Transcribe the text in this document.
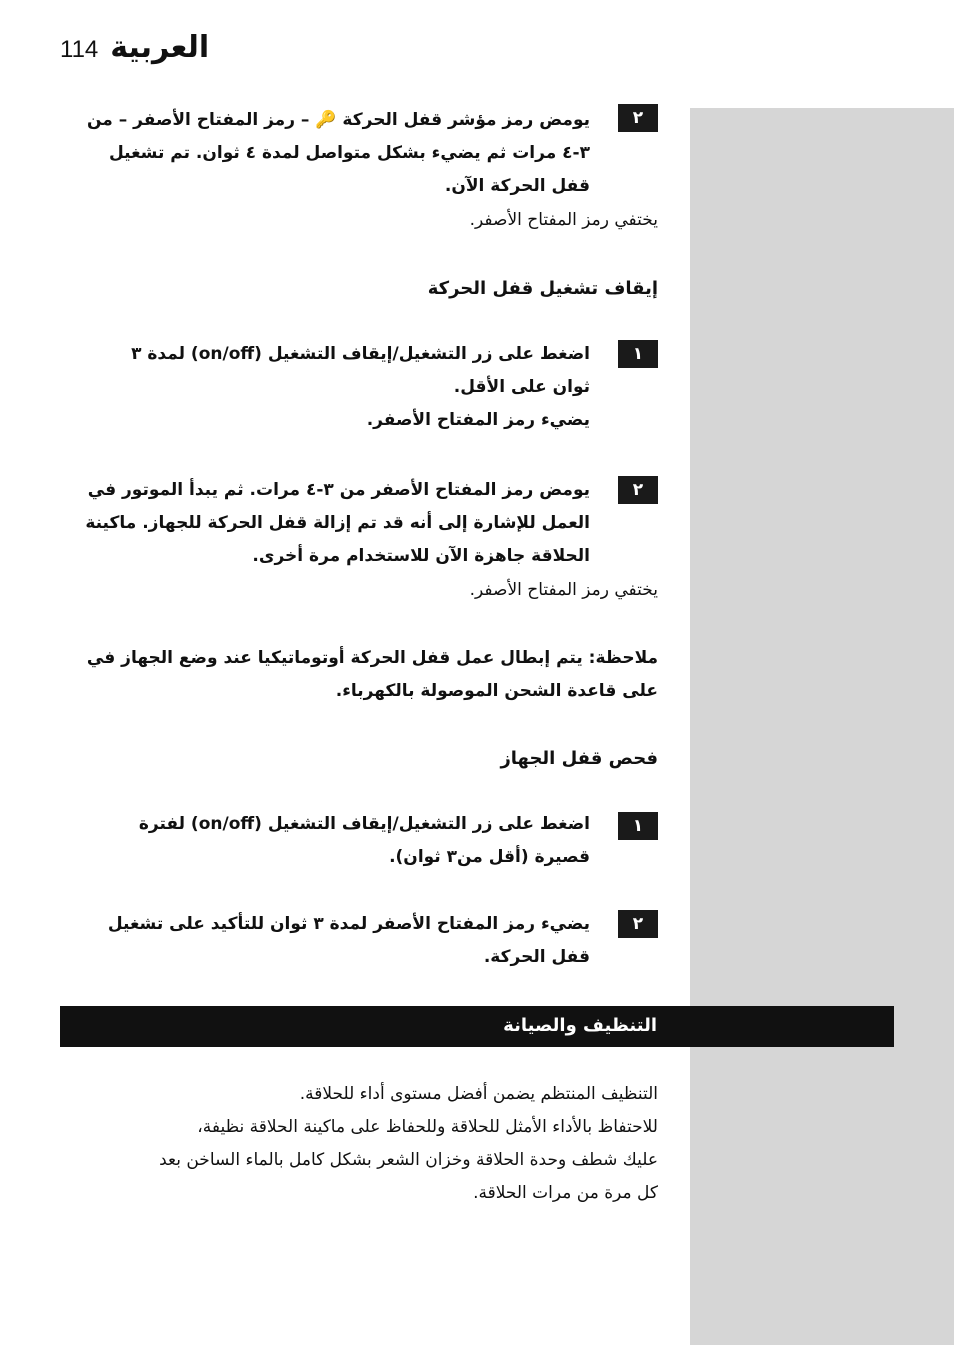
114 العربية
٢

يومض رمز مؤشر قفل الحركة 🔑 – رمز المفتاح الأصفر – من
٣-٤ مرات ثم يضيء بشكل متواصل لمدة ٤ ثوان. تم تشغيل
قفل الحركة الآن.

يختفي رمز المفتاح الأصفر.

إيقاف تشغيل قفل الحركة

١

اضغط على زر التشغيل/إيقاف التشغيل (on/off) لمدة ٣
ثوان على الأقل.
يضيء رمز المفتاح الأصفر.

٢

يومض رمز المفتاح الأصفر من ٣-٤ مرات. ثم يبدأ الموتور في
العمل للإشارة إلى أنه قد تم إزالة قفل الحركة للجهاز. ماكينة
الحلاقة جاهزة الآن للاستخدام مرة أخرى.

يختفي رمز المفتاح الأصفر.

ملاحظة: يتم إبطال عمل قفل الحركة أوتوماتيكيا عند وضع الجهاز في
على قاعدة الشحن الموصولة بالكهرباء.

فحص قفل الجهاز

١

اضغط على زر التشغيل/إيقاف التشغيل (on/off) لفترة
قصيرة (أقل من٣ ثوان).

٢

يضيء رمز المفتاح الأصفر لمدة ٣ ثوان للتأكيد على تشغيل
قفل الحركة.

التنظيف والصيانة

التنظيف المنتظم يضمن أفضل مستوى أداء للحلاقة.
للاحتفاظ بالأداء الأمثل للحلاقة وللحفاظ على ماكينة الحلاقة نظيفة،
عليك شطف وحدة الحلاقة وخزان الشعر بشكل كامل بالماء الساخن بعد
كل مرة من مرات الحلاقة.
